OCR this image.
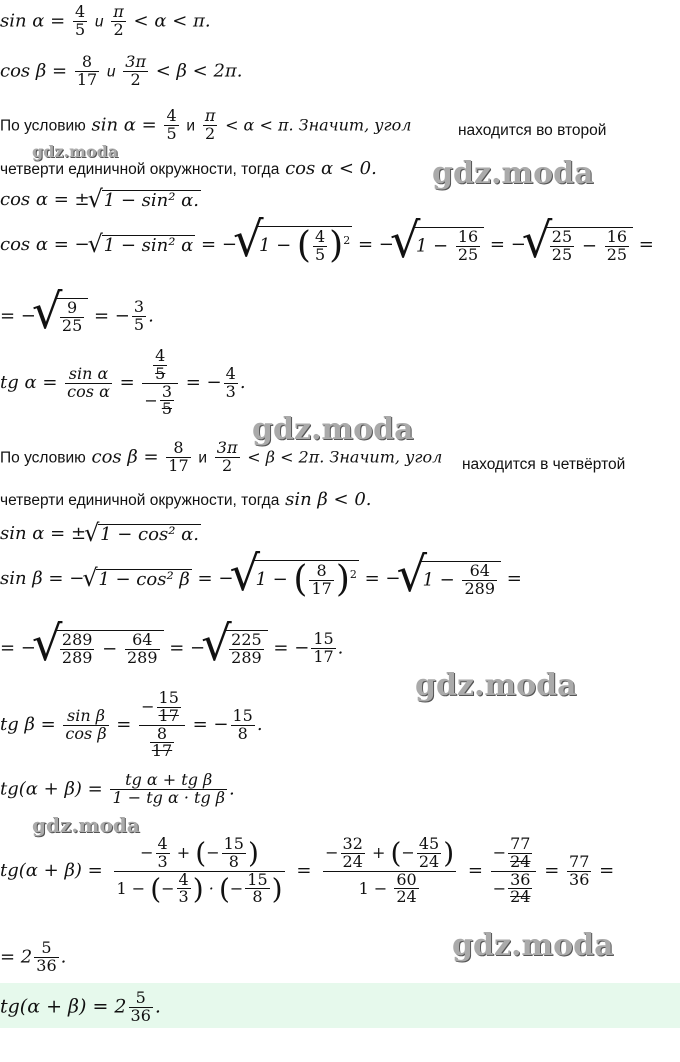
$\sin \alpha = \frac{4}{5}$ и $\frac{\pi}{2} < \alpha < \pi$.
$\cos \beta = \frac{8}{17}$ и $\frac{3\pi}{2} < \beta < 2\pi$.
По условию $\sin \alpha = \frac{4}{5}$ и $\frac{\pi}{2} < \alpha < \pi$. Значит, угол	находится во второй
четверти единичной окружности, тогда cos α < 0.
cos α = ± √ 1 − sin² α.
cos α = − √ 1 − sin² α = − √ 1 − ( $\frac{4}{5} )^2$ = − √ $1 - \frac{16}{25}$ = − √ $\frac{25}{25} - \frac{16}{25}$ =
= − √ $\frac{9}{25}$ = − $\frac{3}{5}$ .
tg $\alpha = \frac{\text{sin α}}{\text{cos α}} = \frac{\frac{4}{5}}{- \frac{3}{5}}$ = − $\frac{4}{3}$ .
По условию $\cos \beta = \frac{8}{17}$ и $\frac{3\pi}{2} < \beta < 2\pi$. Значит, угол находится в четвёртой
четверти единичной окружности, тогда sin β < 0.
sin α = ± √ 1 − cos² α.
sin β = − √ 1 − cos² β = − √ 1 − ( $\frac{8}{17} )^2$ = − √ $1 - \frac{64}{289}$ =
= − √ $\frac{289}{289} - \frac{64}{289}$ = − √ $\frac{225}{289}$ = − $\frac{15}{17}$ .
tg $\beta = \frac{\text{sin β}}{\text{cos β}} = \frac{- \frac{15}{17}}{\frac{8}{17}}$ = − $\frac{15}{8}$ .
$tg(\alpha + \beta) = \frac{\text{tg α + tg β}}{\text{1 − tg α · tg β}}$ .
$tg(\alpha + \beta) = \frac{- \frac{4}{3} + (- \frac{15}{8} )}{1 - (- \frac{4}{3} ) \cdot (- \frac{15}{8} )} = \frac{- \frac{32}{24} + (- \frac{45}{24} )}{1 - \frac{60}{24}} = \frac{- \frac{77}{24}}{- \frac{36}{24}} = \frac{77}{36}$ =
= $2 \frac{5}{36}$ .
$tg(\alpha + \beta) = 2 \frac{5}{36}$ .
gdz.moda
gdz.moda
gdz.moda
gdz.moda
gdz.moda
gdz.moda
